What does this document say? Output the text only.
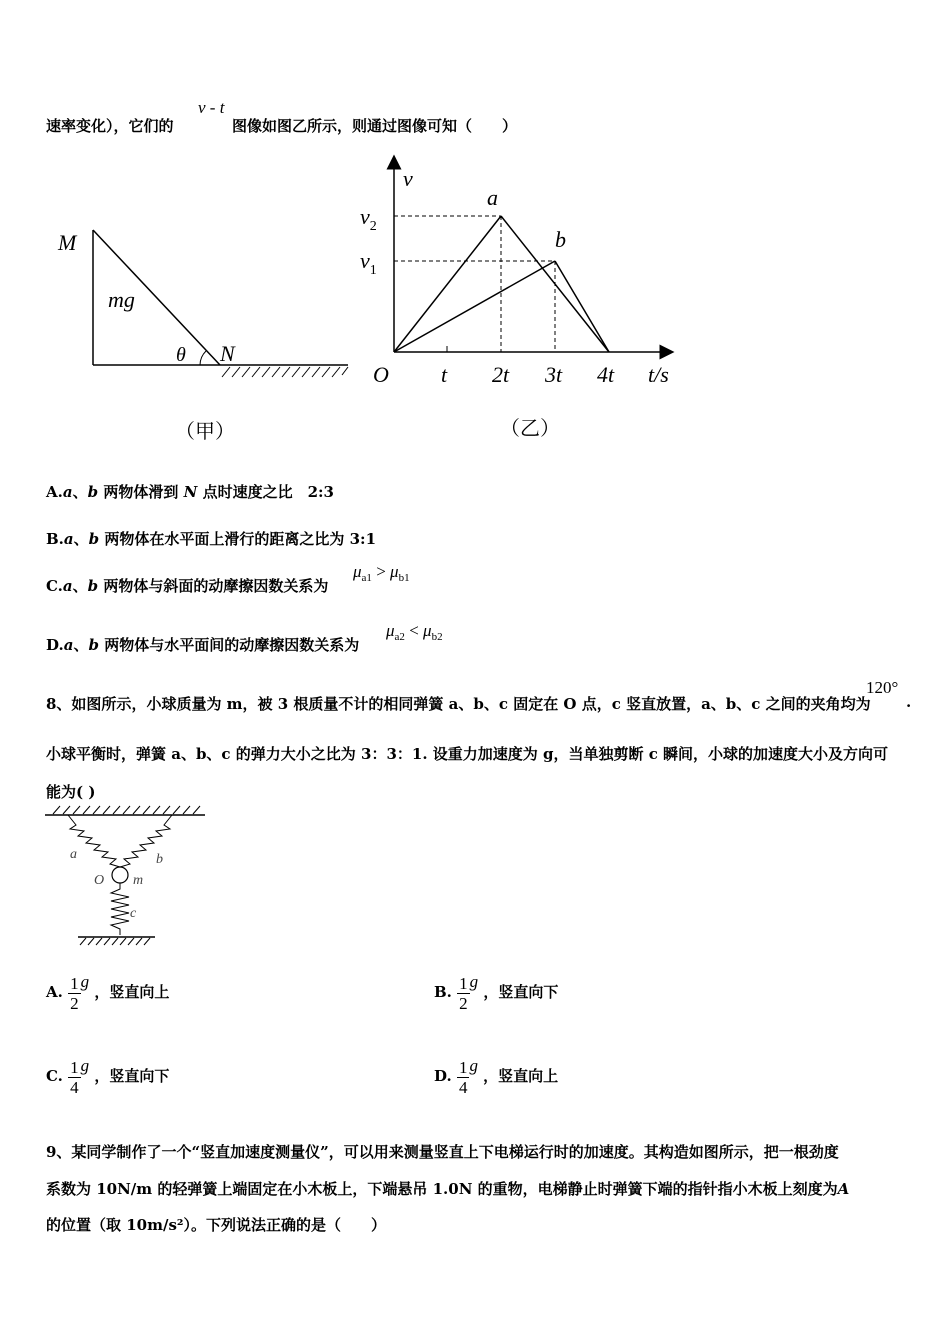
速率变化），它们的
v - t
图像如图乙所示，则通过图像可知（　　）
M
mg
θ N
（甲）
v
a
b
$v_2$
$v_1$
O t 2t 3t 4t t/s
（乙）
A.a、b 两物体滑到 N 点时速度之比　2:3
B.a、b 两物体在水平面上滑行的距离之比为 3:1
C.a、b 两物体与斜面的动摩擦因数关系为
$\mu_{a1} > \mu_{b1}$
D.a、b 两物体与水平面间的动摩擦因数关系为
$\mu_{a2} < \mu_{b2}$
8、如图所示，小球质量为 m，被 3 根质量不计的相同弹簧 a、b、c 固定在 O 点，c 竖直放置，a、b、c 之间的夹角均为
120°
.
小球平衡时，弹簧 a、b、c 的弹力大小之比为 3：3：1. 设重力加速度为 g，当单独剪断 c 瞬间，小球的加速度大小及方向可
能为( )
a	b
O m
c
A. $\frac{1}{2}$ g ，竖直向上	B. $\frac{1}{2}$ g ，竖直向下
C. $\frac{1}{4}$ g ，竖直向下	D. $\frac{1}{4}$ g ，竖直向上
9、某同学制作了一个“竖直加速度测量仪”，可以用来测量竖直上下电梯运行时的加速度。其构造如图所示，把一根劲度
系数为 10N/m 的轻弹簧上端固定在小木板上，下端悬吊 1.0N 的重物，电梯静止时弹簧下端的指针指小木板上刻度为A
的位置（取 10m/s²）。下列说法正确的是（　　）
